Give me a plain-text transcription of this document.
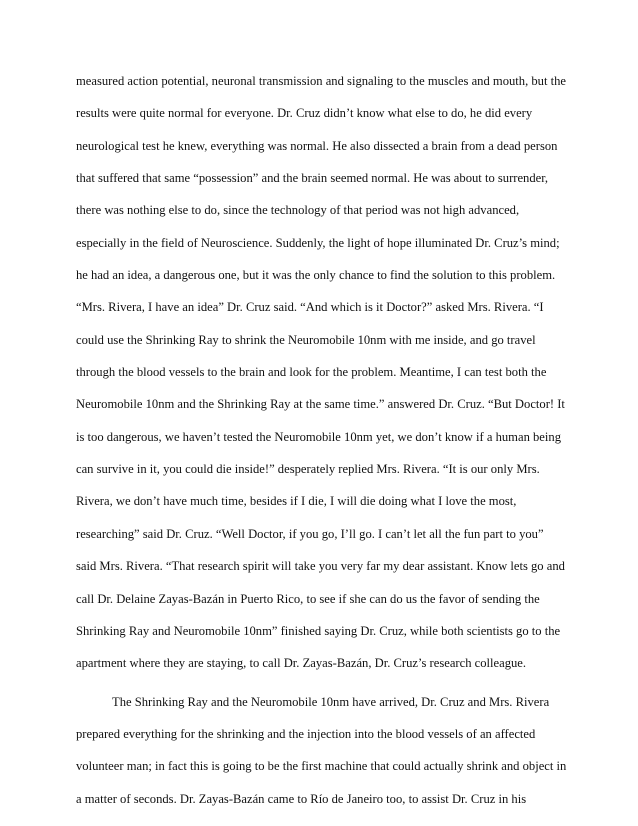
measured action potential, neuronal transmission and signaling to the muscles and mouth, but the
results were quite normal for everyone. Dr. Cruz didn’t know what else to do, he did every
neurological test he knew, everything was normal. He also dissected a brain from a dead person
that suffered that same “possession” and the brain seemed normal. He was about to surrender,
there was nothing else to do, since the technology of that period was not high advanced,
especially in the field of Neuroscience. Suddenly, the light of hope illuminated Dr. Cruz’s mind;
he had an idea, a dangerous one, but it was the only chance to find the solution to this problem.
“Mrs. Rivera, I have an idea” Dr. Cruz said. “And which is it Doctor?” asked Mrs. Rivera. “I
could use the Shrinking Ray to shrink the Neuromobile 10nm with me inside, and go travel
through the blood vessels to the brain and look for the problem. Meantime, I can test both the
Neuromobile 10nm and the Shrinking Ray at the same time.” answered Dr. Cruz. “But Doctor! It
is too dangerous, we haven’t tested the Neuromobile 10nm yet, we don’t know if a human being
can survive in it, you could die inside!” desperately replied Mrs. Rivera. “It is our only Mrs.
Rivera, we don’t have much time, besides if I die, I will die doing what I love the most,
researching” said Dr. Cruz. “Well Doctor, if you go, I’ll go. I can’t let all the fun part to you”
said Mrs. Rivera. “That research spirit will take you very far my dear assistant. Know lets go and
call Dr. Delaine Zayas-Bazán in Puerto Rico, to see if she can do us the favor of sending the
Shrinking Ray and Neuromobile 10nm” finished saying Dr. Cruz, while both scientists go to the
apartment where they are staying, to call Dr. Zayas-Bazán, Dr. Cruz’s research colleague.
The Shrinking Ray and the Neuromobile 10nm have arrived, Dr. Cruz and Mrs. Rivera
prepared everything for the shrinking and the injection into the blood vessels of an affected
volunteer man; in fact this is going to be the first machine that could actually shrink and object in
a matter of seconds. Dr. Zayas-Bazán came to Río de Janeiro too, to assist Dr. Cruz in his
